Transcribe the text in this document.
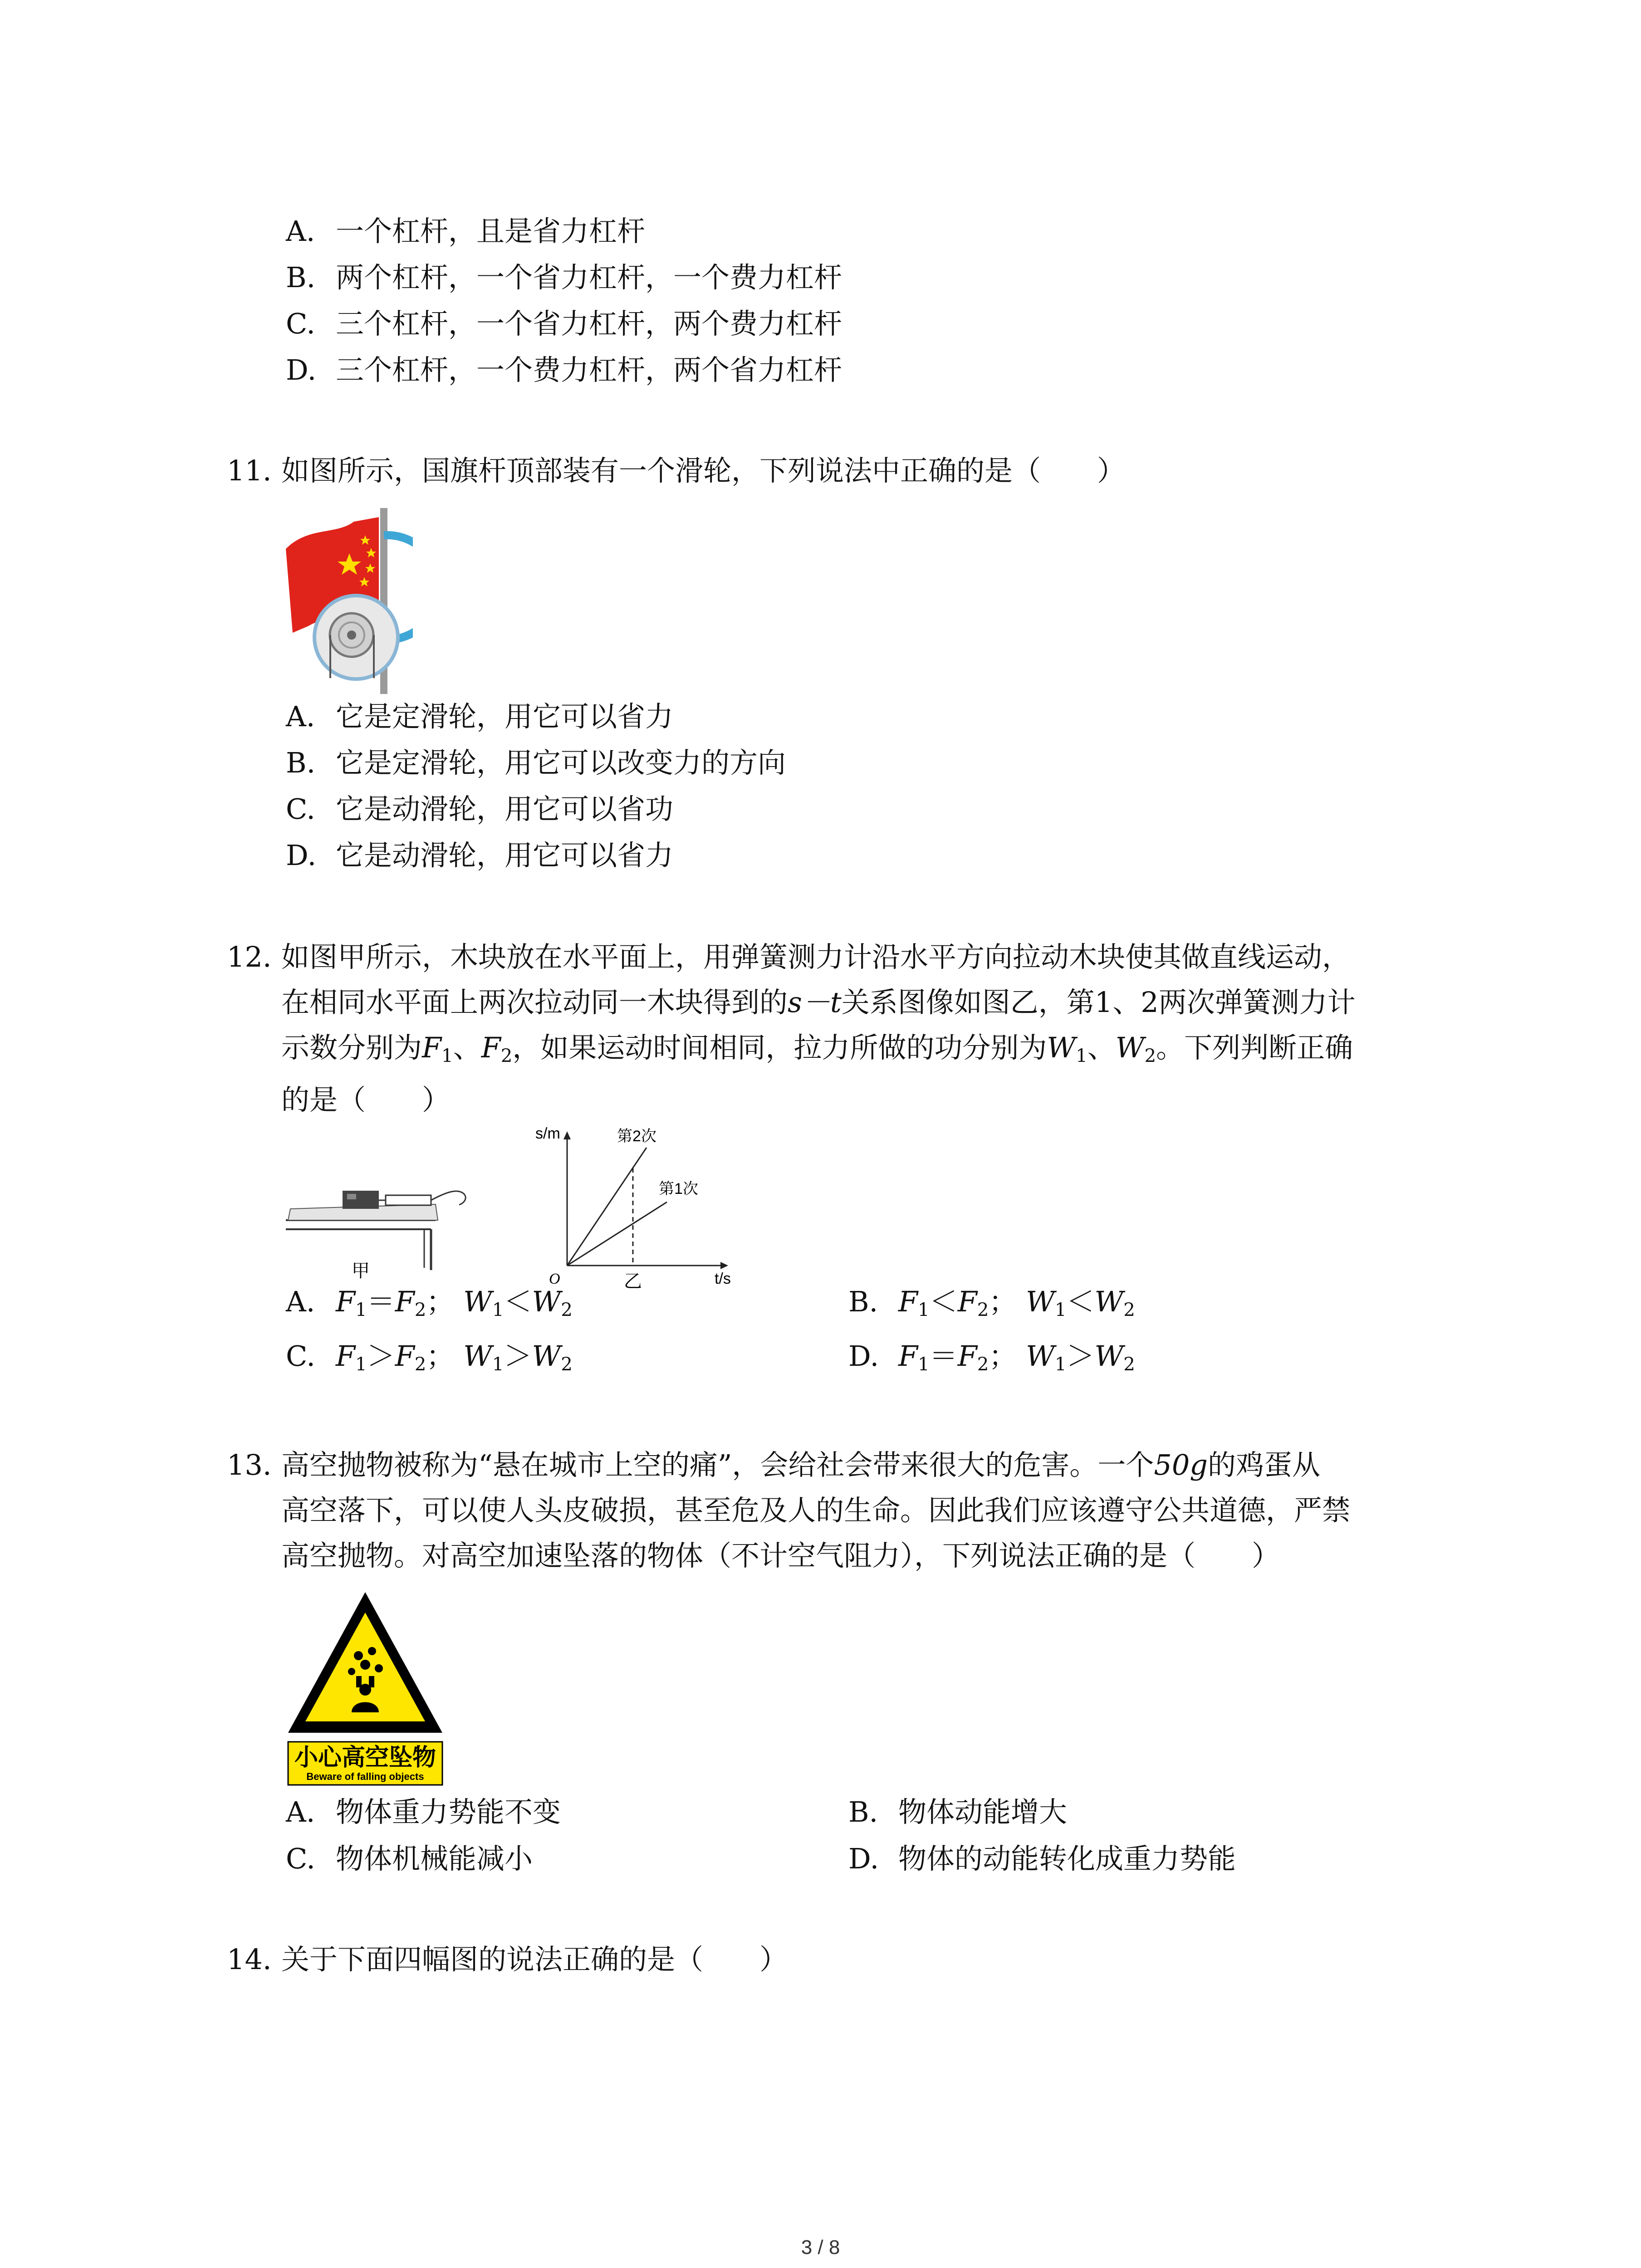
A. 一个杠杆，且是省力杠杆
B. 两个杠杆，一个省力杠杆，一个费力杠杆
C. 三个杠杆，一个省力杠杆，两个费力杠杆
D. 三个杠杆，一个费力杠杆，两个省力杠杆
11. 如图所示，国旗杆顶部装有一个滑轮，下列说法中正确的是（　　）
A. 它是定滑轮，用它可以省力
B. 它是定滑轮，用它可以改变力的方向
C. 它是动滑轮，用它可以省功
D. 它是动滑轮，用它可以省力
12. 如图甲所示，木块放在水平面上，用弹簧测力计沿水平方向拉动木块使其做直线运动，
在相同水平面上两次拉动同一木块得到的s－t关系图像如图乙，第1、2两次弹簧测力计
示数分别为$F_1$、$F_2$，如果运动时间相同，拉力所做的功分别为$W_1$、$W_2$。下列判断正确
的是（　　）
甲
s/m
t/s
O
第2次
第1次
乙
A. $F_1=F_2$； $W_1<W_2$	B. $F_1<F_2$； $W_1<W_2$
C. $F_1>F_2$； $W_1>W_2$	D. $F_1=F_2$； $W_1>W_2$
13. 高空抛物被称为“悬在城市上空的痛”，会给社会带来很大的危害。一个50g的鸡蛋从
高空落下，可以使人头皮破损，甚至危及人的生命。因此我们应该遵守公共道德，严禁
高空抛物。对高空加速坠落的物体（不计空气阻力），下列说法正确的是（　　）
小心高空坠物
Beware of falling objects
A. 物体重力势能不变	B. 物体动能增大
C. 物体机械能减小	D. 物体的动能转化成重力势能
14. 关于下面四幅图的说法正确的是（　　）
3 / 8
